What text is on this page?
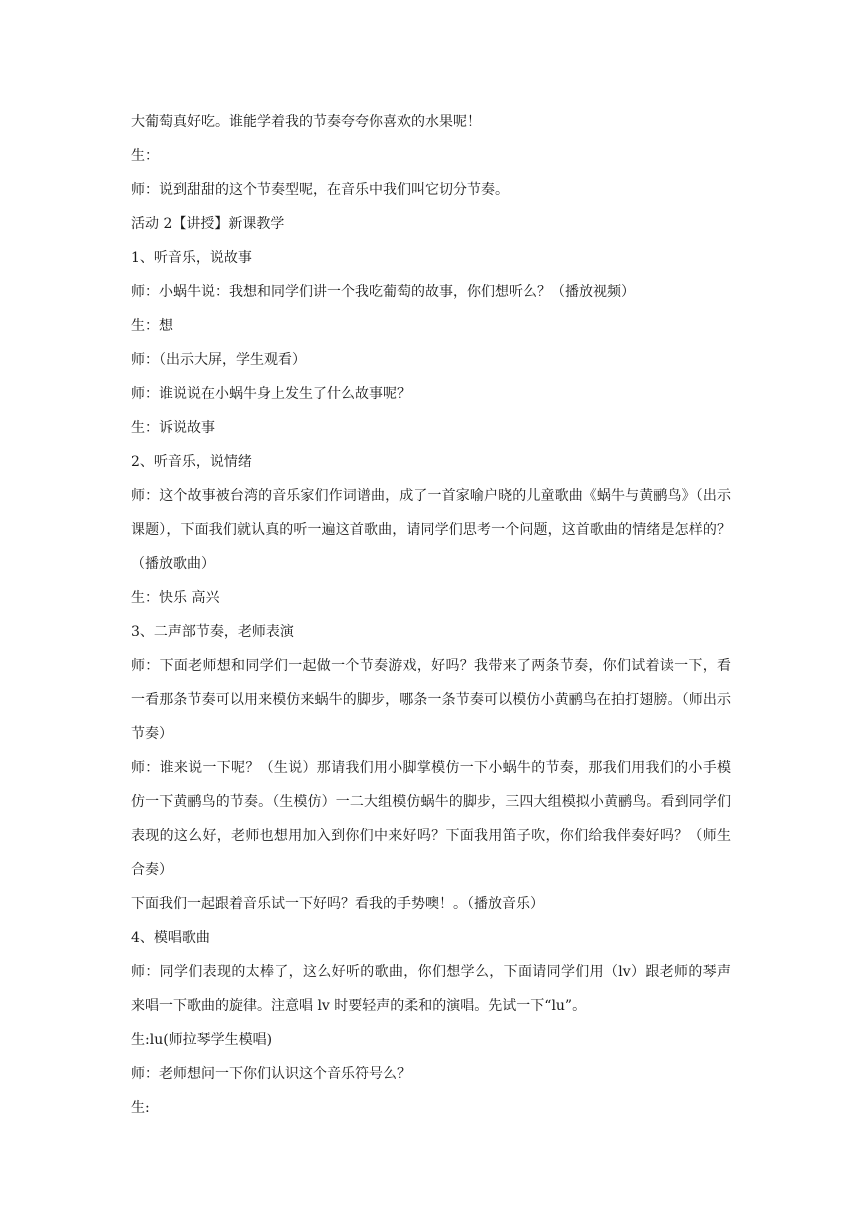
大葡萄真好吃。谁能学着我的节奏夸夸你喜欢的水果呢！

生：

师：说到甜甜的这个节奏型呢，在音乐中我们叫它切分节奏。

活动 2【讲授】新课教学

1、听音乐，说故事

师：小蜗牛说：我想和同学们讲一个我吃葡萄的故事，你们想听么？（播放视频）

生：想

师：（出示大屏，学生观看）

师：谁说说在小蜗牛身上发生了什么故事呢？

生：诉说故事

2、听音乐，说情绪

师：这个故事被台湾的音乐家们作词谱曲，成了一首家喻户晓的儿童歌曲《蜗牛与黄鹂鸟》（出示课题），下面我们就认真的听一遍这首歌曲，请同学们思考一个问题，这首歌曲的情绪是怎样的？（播放歌曲）

生：快乐 高兴

3、二声部节奏，老师表演

师：下面老师想和同学们一起做一个节奏游戏，好吗？我带来了两条节奏，你们试着读一下，看一看那条节奏可以用来模仿来蜗牛的脚步，哪条一条节奏可以模仿小黄鹂鸟在拍打翅膀。（师出示节奏）

师：谁来说一下呢？（生说）那请我们用小脚掌模仿一下小蜗牛的节奏，那我们用我们的小手模仿一下黄鹂鸟的节奏。（生模仿）一二大组模仿蜗牛的脚步，三四大组模拟小黄鹂鸟。看到同学们表现的这么好，老师也想用加入到你们中来好吗？下面我用笛子吹，你们给我伴奏好吗？（师生合奏）

下面我们一起跟着音乐试一下好吗？看我的手势噢！。（播放音乐）

4、模唱歌曲

师：同学们表现的太棒了，这么好听的歌曲，你们想学么，下面请同学们用（lv）跟老师的琴声来唱一下歌曲的旋律。注意唱 lv 时要轻声的柔和的演唱。先试一下“lu”。

生:lu(师拉琴学生模唱)

师：老师想问一下你们认识这个音乐符号么？

生:
